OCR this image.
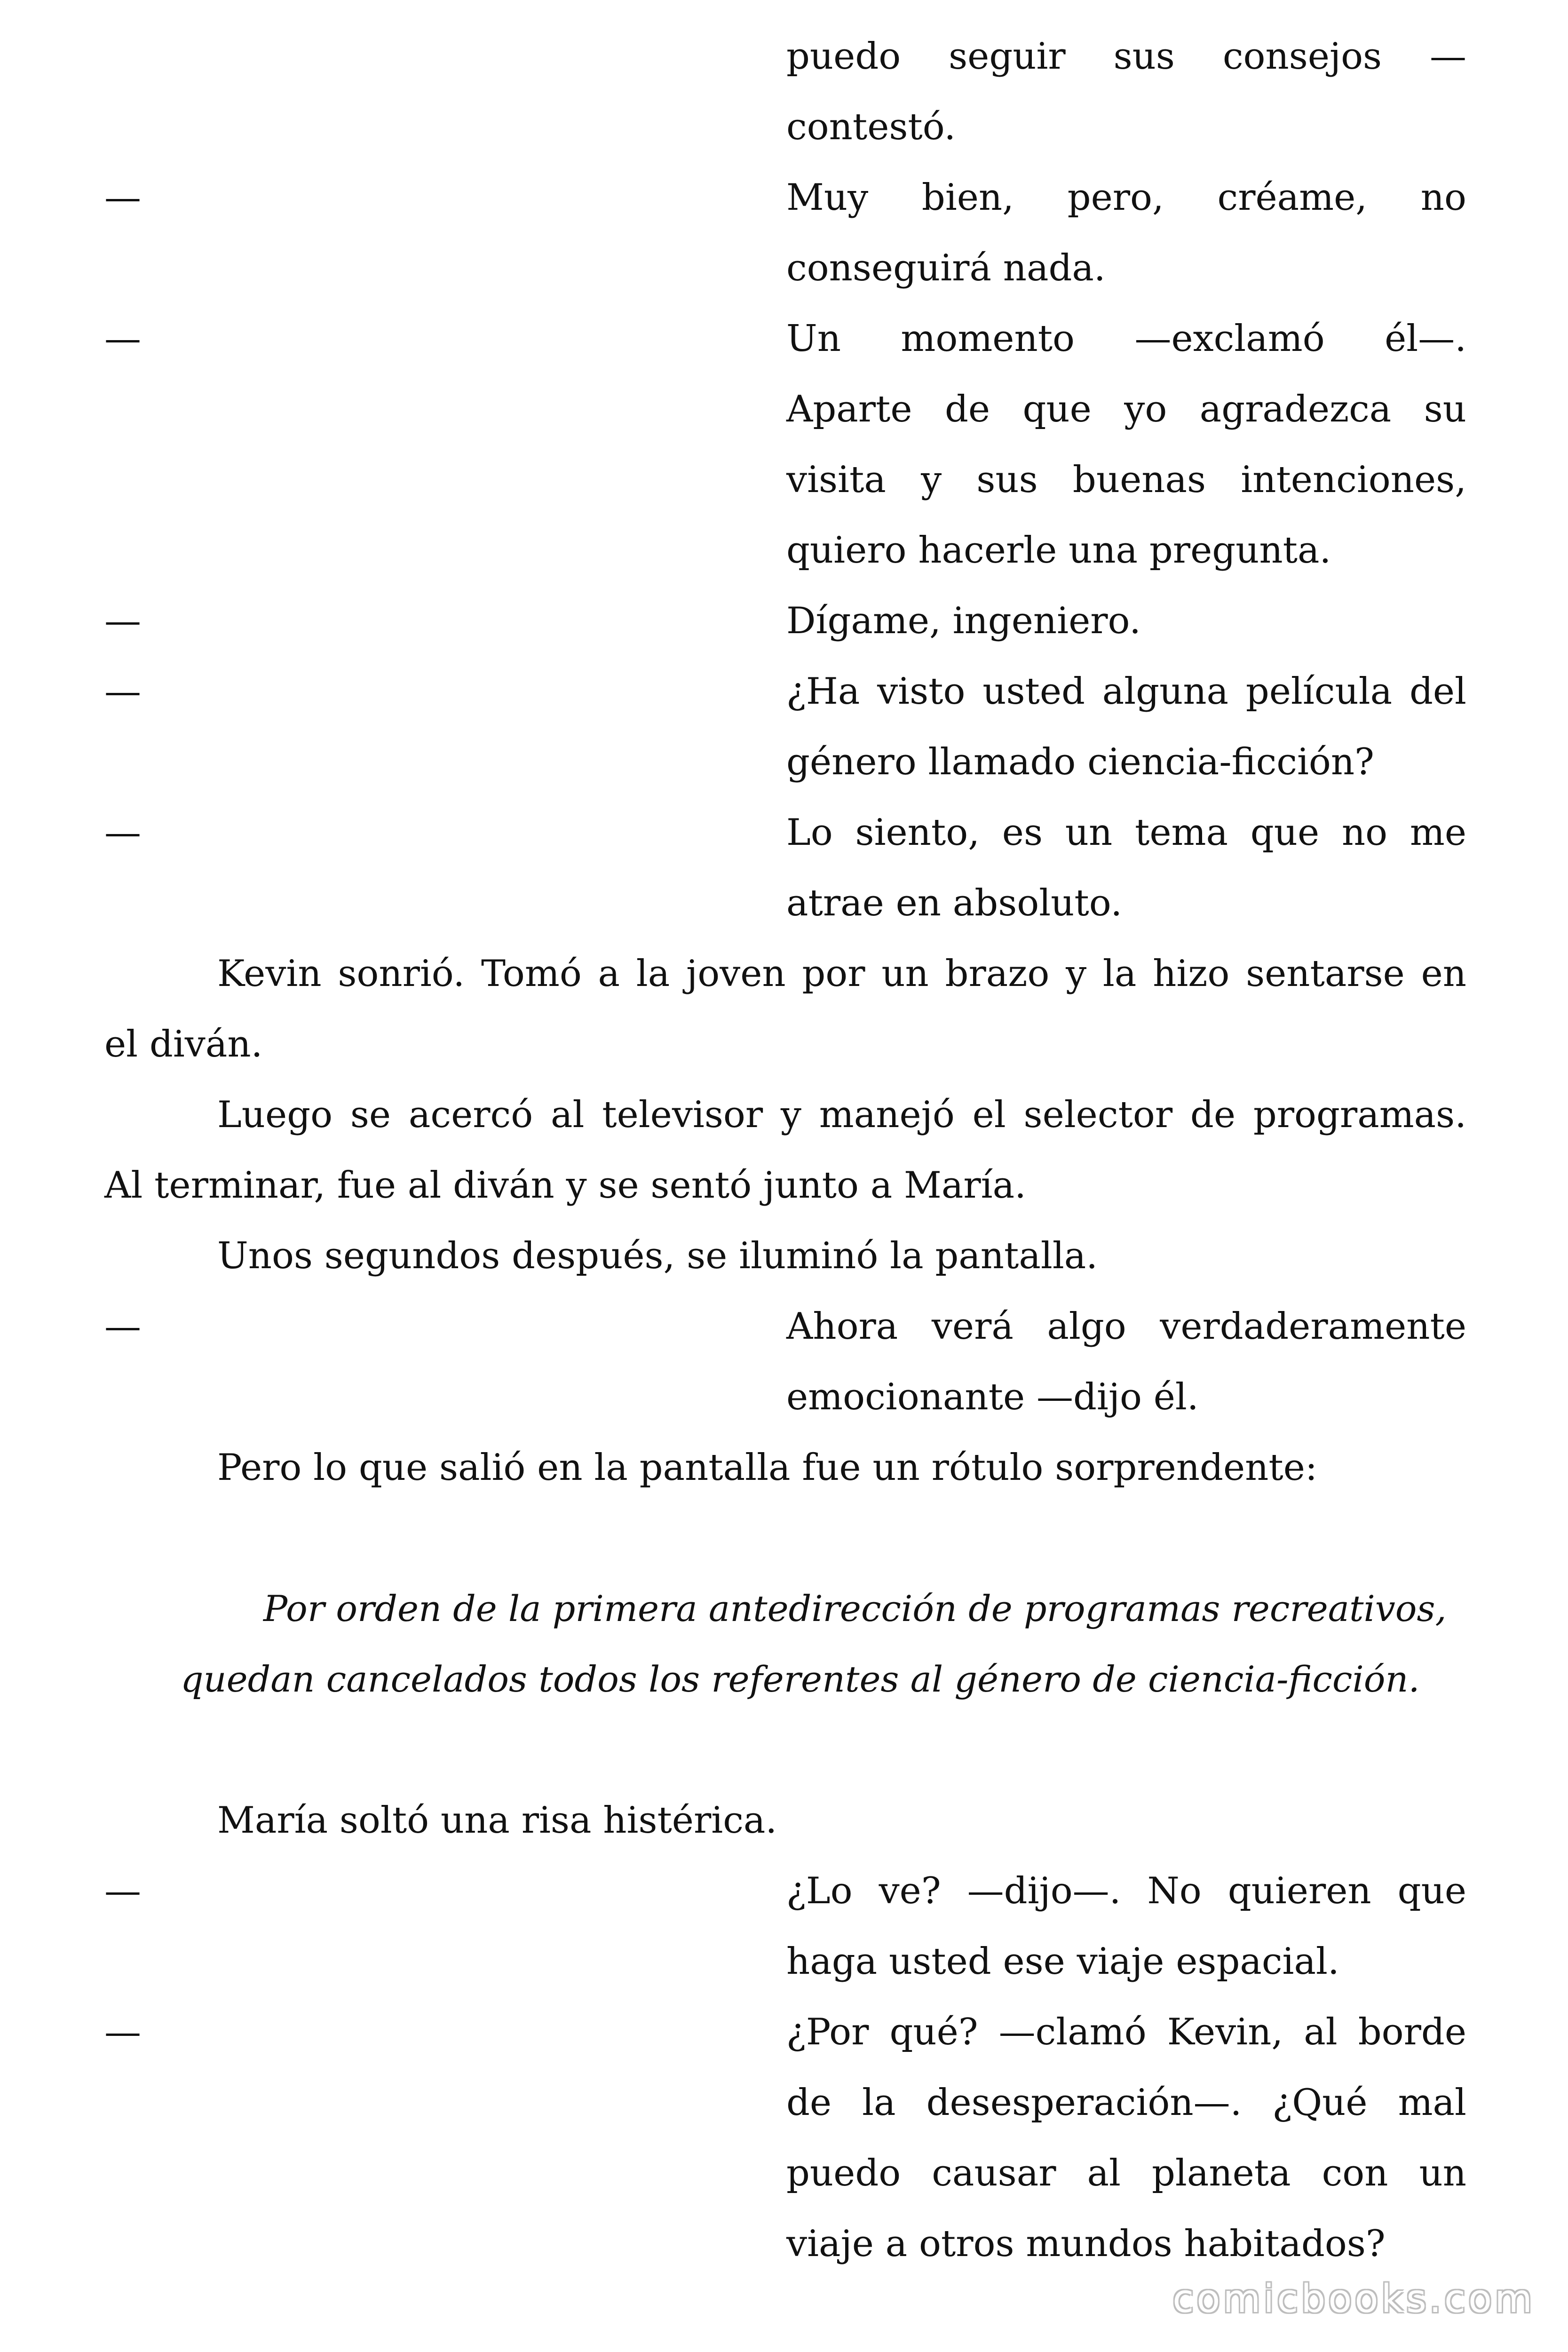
puedo seguir sus consejos —
contestó.
—	Muy bien, pero, créame, no
conseguirá nada.
—	Un momento —exclamó él—.
Aparte de que yo agradezca su
visita y sus buenas intenciones,
quiero hacerle una pregunta.
—	Dígame, ingeniero.
—	¿Ha visto usted alguna película del
género llamado ciencia-ficción?
—	Lo siento, es un tema que no me
atrae en absoluto.
Kevin sonrió. Tomó a la joven por un brazo y la hizo sentarse en
el diván.
Luego se acercó al televisor y manejó el selector de programas.
Al terminar, fue al diván y se sentó junto a María.
Unos segundos después, se iluminó la pantalla.
—	Ahora verá algo verdaderamente
emocionante —dijo él.
Pero lo que salió en la pantalla fue un rótulo sorprendente:
Por orden de la primera antedirección de programas recreativos,
quedan cancelados todos los referentes al género de ciencia-ficción.
María soltó una risa histérica.
—	¿Lo ve? —dijo—. No quieren que
haga usted ese viaje espacial.
—	¿Por qué? —clamó Kevin, al borde
de la desesperación—. ¿Qué mal
puedo causar al planeta con un
viaje a otros mundos habitados?
comicbooks.com
